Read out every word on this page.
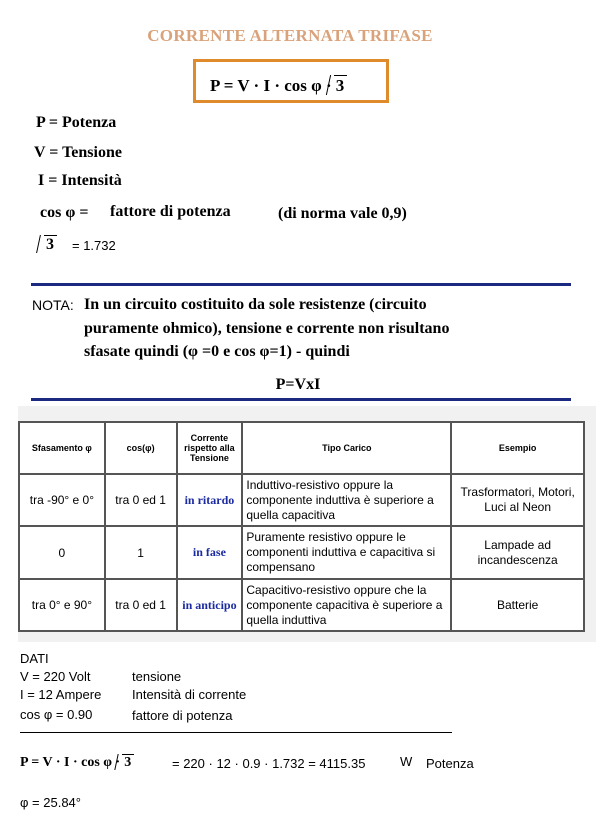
CORRENTE ALTERNATA TRIFASE
P = V · I · cos φ · 3
P = Potenza
V = Tensione
I = Intensità
cos φ = fattore di potenza	(di norma vale 0,9)
3 = 1.732
NOTA: In un circuito costituito da sole resistenze (circuito
puramente ohmico), tensione e corrente non risultano
sfasate quindi (φ =0 e cos φ=1) - quindi
P=VxI
Sfasamento φ	cos(φ)	Corrente rispetto alla Tensione	Tipo Carico	Esempio
tra -90° e 0°	tra 0 ed 1	in ritardo	Induttivo-resistivo oppure la componente induttiva è superiore a quella capacitiva	Trasformatori, Motori, Luci al Neon
0	1	in fase	Puramente resistivo oppure le componenti induttiva e capacitiva si compensano	Lampade ad incandescenza
tra 0° e 90°	tra 0 ed 1	in anticipo	Capacitivo-resistivo oppure che la componente capacitiva è superiore a quella induttiva	Batterie
DATI
V = 220 Volt	tensione
I = 12 Ampere Intensità di corrente
cos φ = 0.90	fattore di potenza
P = V · I · cos φ · 3	= 220 · 12 · 0.9 · 1.732 = 4115.35	W Potenza
φ = 25.84°
